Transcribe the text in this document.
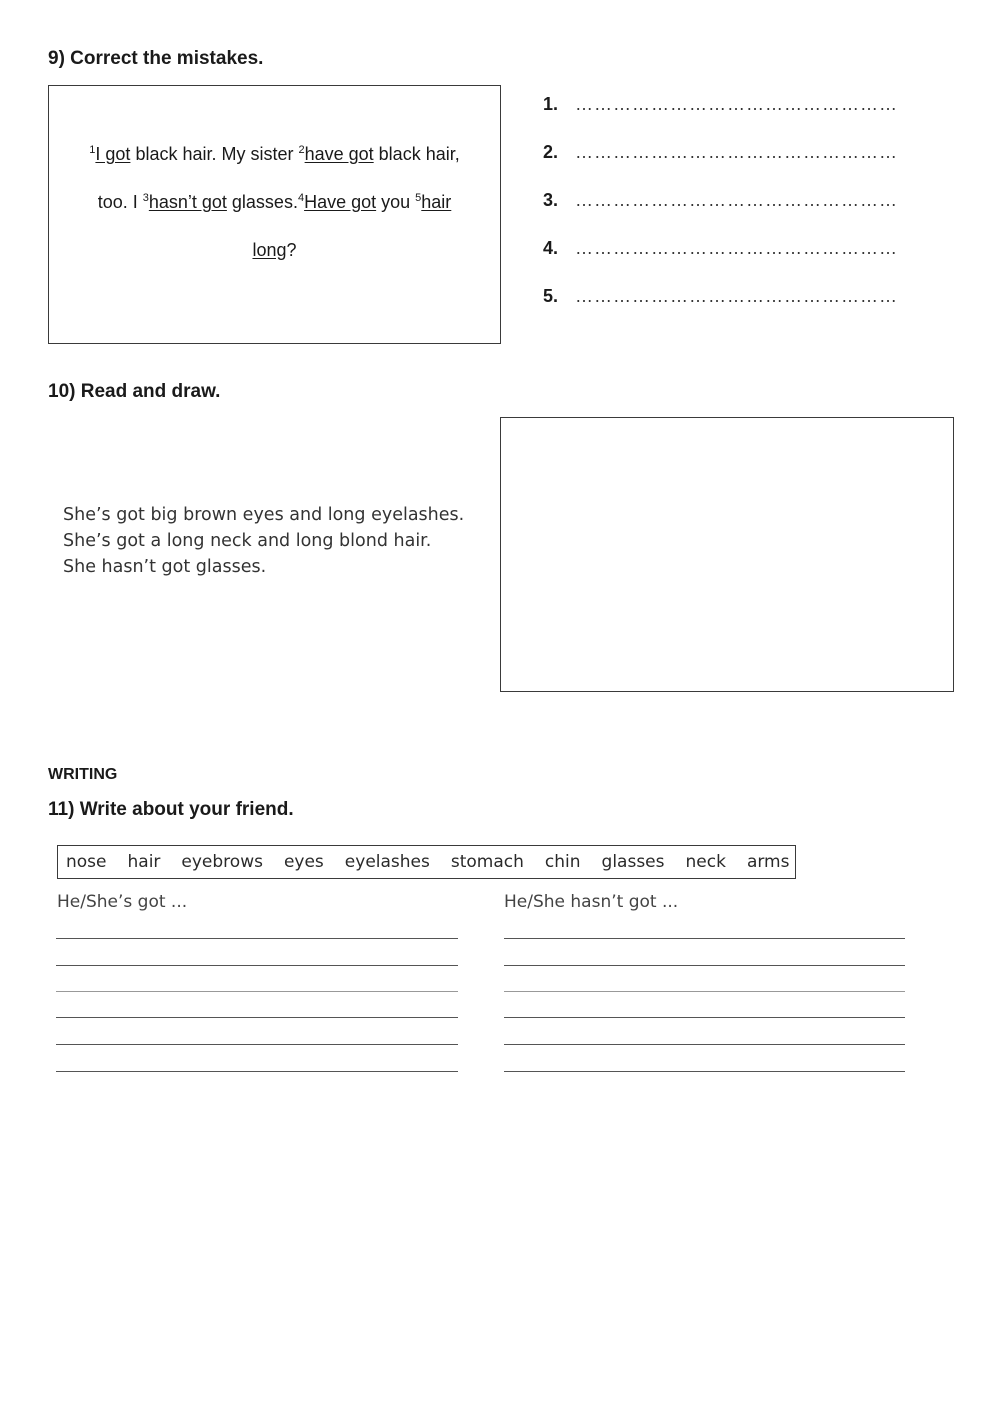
9) Correct the mistakes.
$^1$I got black hair. My sister $^2$have got black hair,
too. I $^3$hasn’t got glasses.$^4$Have got you $^5$hair
long?
1. ……………………………………………
2. ……………………………………………
3. ……………………………………………
4. ……………………………………………
5. ……………………………………………
10) Read and draw.
She’s got big brown eyes and long eyelashes.
She’s got a long neck and long blond hair.
She hasn’t got glasses.
WRITING
11) Write about your friend.
nose hair eyebrows eyes eyelashes stomach chin glasses neck arms
He/She’s got ...	He/She hasn’t got ...
